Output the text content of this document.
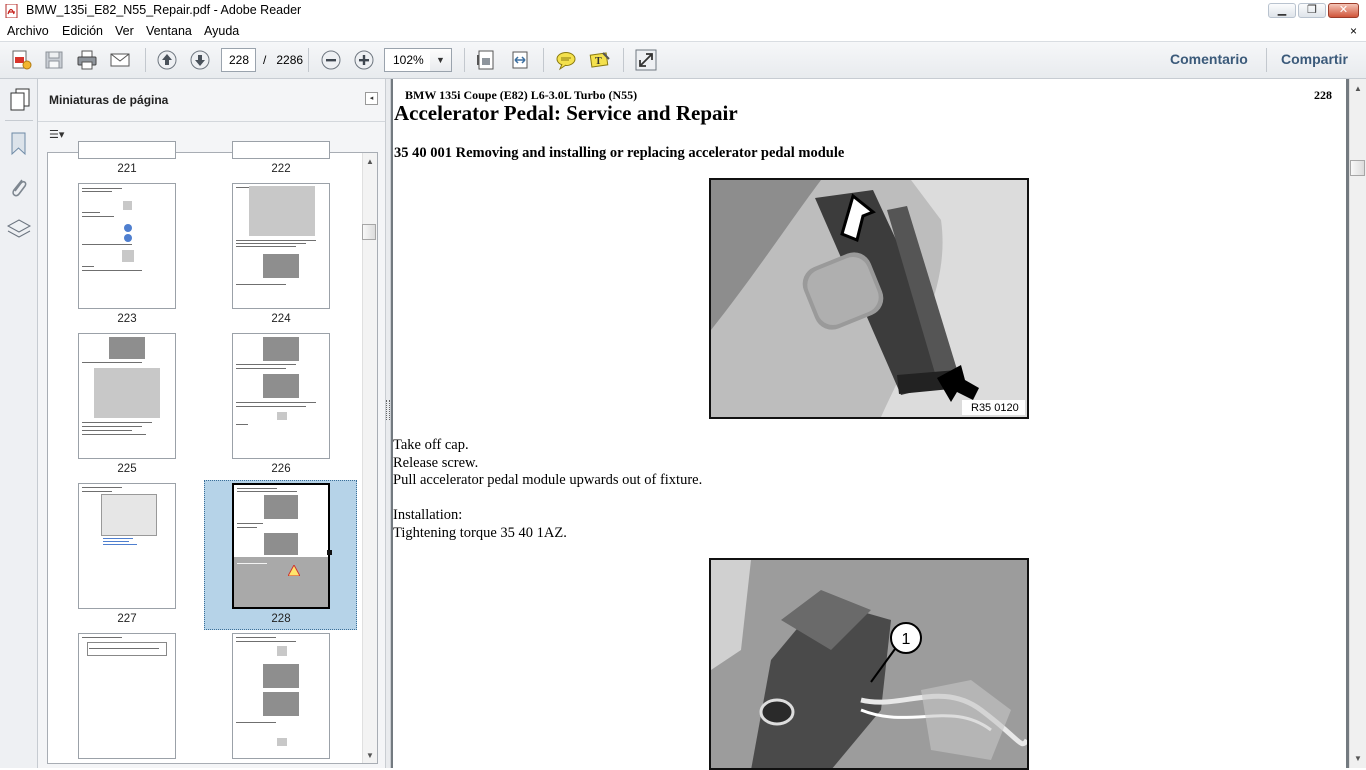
BMW_135i_E82_N55_Repair.pdf - Adobe Reader	▁	❐	✕
Archivo Edición Ver Ventana Ayuda	×
228	/ 2286	102%	▼	T	Comentario Compartir
Miniaturas de página	◂
☰▾
221	222
223	224
225	226
227	228
▲
▼
BMW 135i Coupe (E82) L6-3.0L Turbo (N55)	228
Accelerator Pedal: Service and Repair
35 40 001 Removing and installing or replacing accelerator pedal module
R35 0120
Take off cap.
Release screw.
Pull accelerator pedal module upwards out of fixture.
Installation:
Tightening torque 35 40 1AZ.
1
▲
▼
